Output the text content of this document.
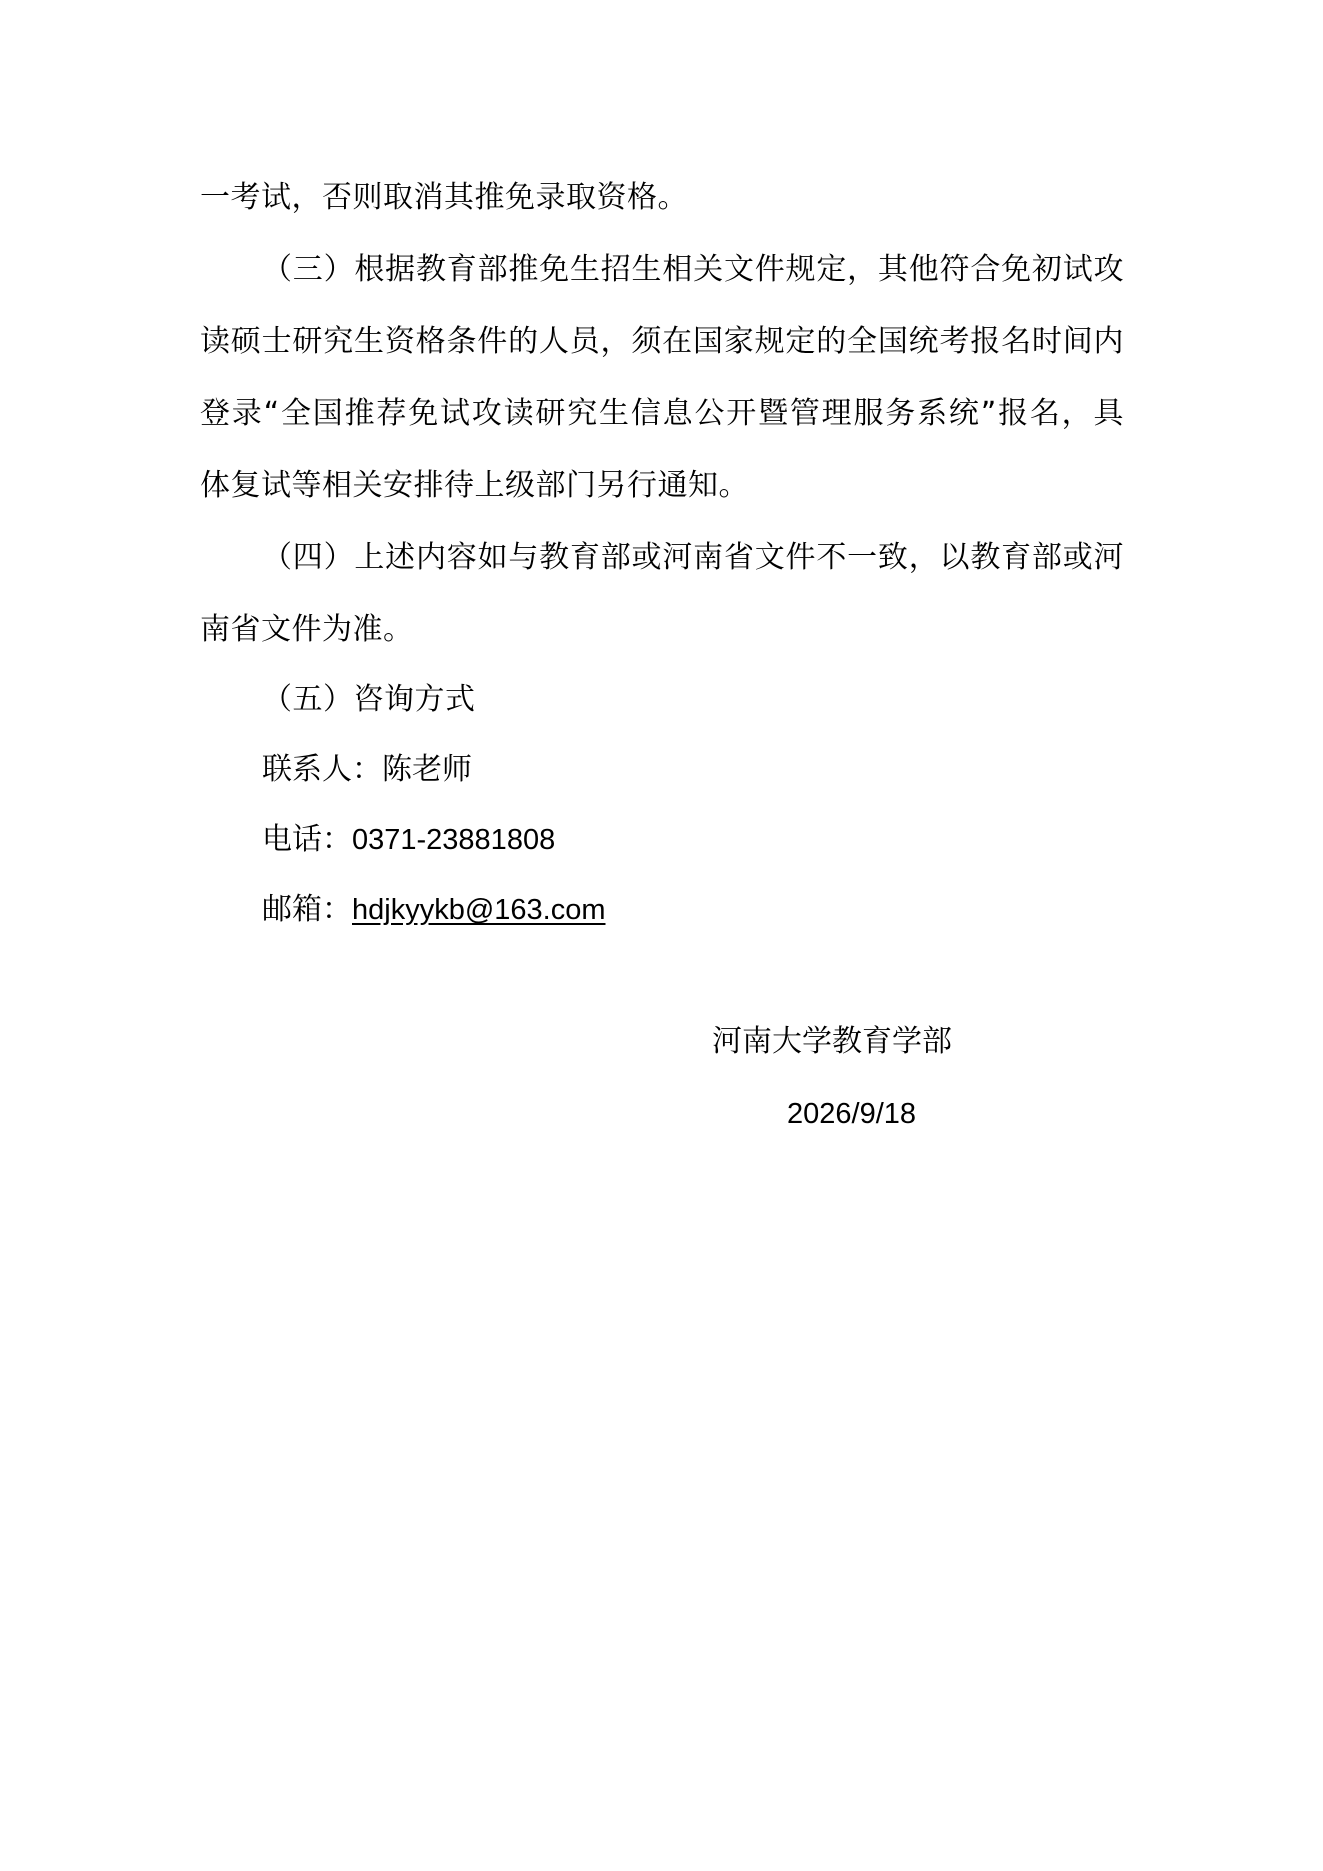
一考试，否则取消其推免录取资格。
（三）根据教育部推免生招生相关文件规定，其他符合免初试攻
读硕士研究生资格条件的人员，须在国家规定的全国统考报名时间内
登录“全国推荐免试攻读研究生信息公开暨管理服务系统”报名，具
体复试等相关安排待上级部门另行通知。
（四）上述内容如与教育部或河南省文件不一致，以教育部或河
南省文件为准。
（五）咨询方式
联系人：陈老师
电话：0371-23881808
邮箱：hdjkyykb@163.com
河南大学教育学部
2026/9/18
